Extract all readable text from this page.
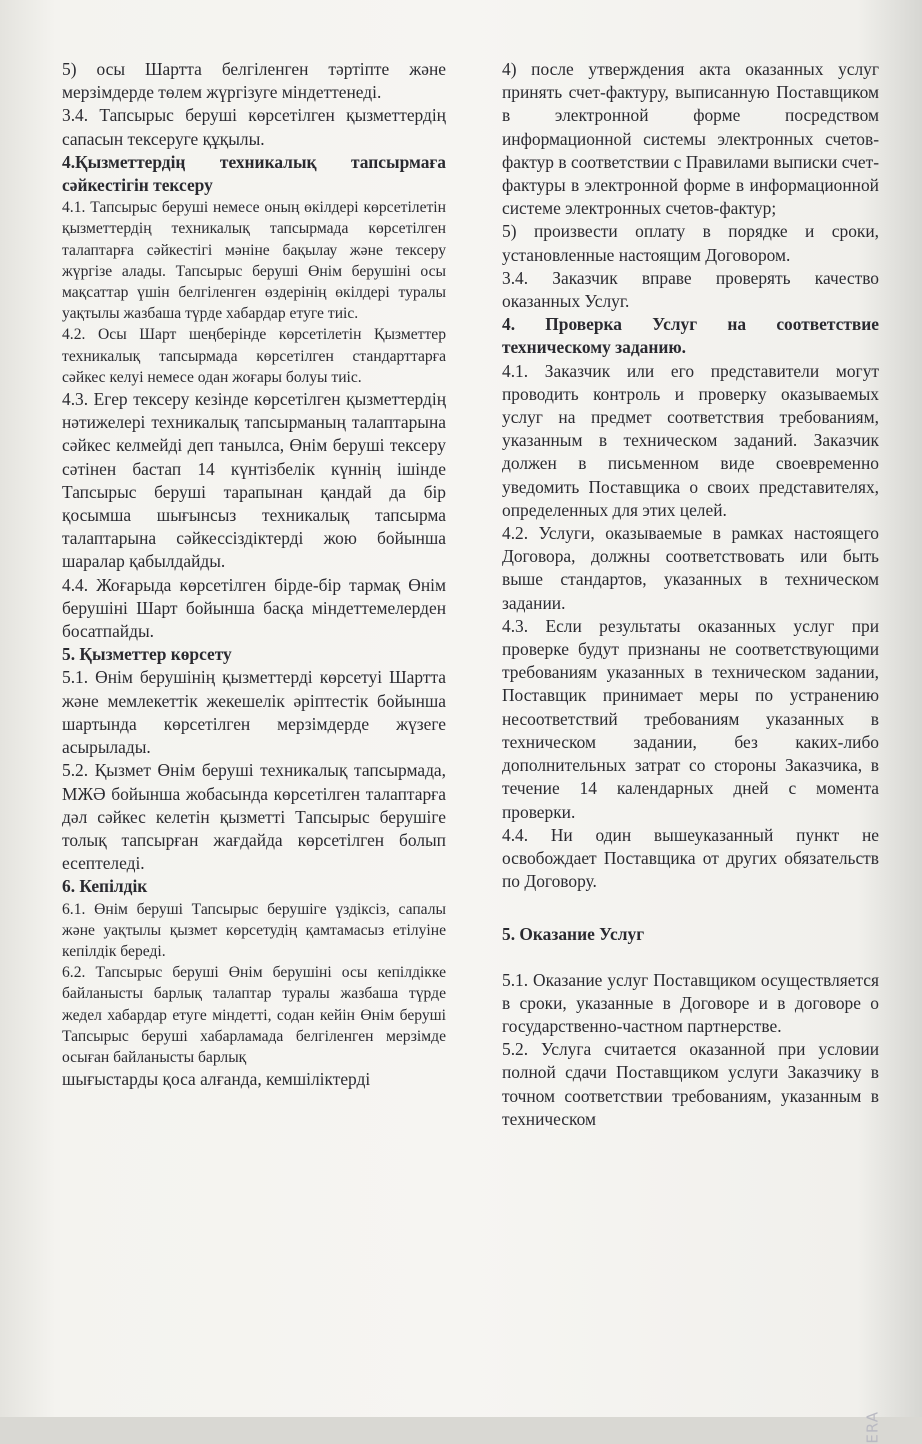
5) осы Шартта белгіленген тәртіпте және мерзімдерде төлем жүргізуге міндеттенеді.

3.4. Тапсырыс беруші көрсетілген қызметтердің сапасын тексеруге құқылы.

4.Қызметтердің техникалық тапсырмаға сәйкестігін тексеру

4.1. Тапсырыс беруші немесе оның өкілдері көрсетілетін қызметтердің техникалық тапсырмада көрсетілген талаптарға сәйкестігі мәніне бақылау және тексеру жүргізе алады. Тапсырыс беруші Өнім берушіні осы мақсаттар үшін белгіленген өздерінің өкілдері туралы уақтылы жазбаша түрде хабардар етуге тиіс.

4.2. Осы Шарт шеңберінде көрсетілетін Қызметтер техникалық тапсырмада көрсетілген стандарттарға сәйкес келуі немесе одан жоғары болуы тиіс.

4.3. Егер тексеру кезінде көрсетілген қызметтердің нәтижелері техникалық тапсырманың талаптарына сәйкес келмейді деп танылса, Өнім беруші тексеру сәтінен бастап 14 күнтізбелік күннің ішінде Тапсырыс беруші тарапынан қандай да бір қосымша шығынсыз техникалық тапсырма талаптарына сәйкессіздіктерді жою бойынша шаралар қабылдайды.

4.4. Жоғарыда көрсетілген бірде-бір тармақ Өнім берушіні Шарт бойынша басқа міндеттемелерден босатпайды.

5. Қызметтер көрсету

5.1. Өнім берушінің қызметтерді көрсетуі Шартта және мемлекеттік жекешелік әріптестік бойынша шартында көрсетілген мерзімдерде жүзеге асырылады.

5.2. Қызмет Өнім беруші техникалық тапсырмада, МЖӘ бойынша жобасында көрсетілген талаптарға дәл сәйкес келетін қызметті Тапсырыс берушіге толық тапсырған жағдайда көрсетілген болып есептеледі.

6. Кепілдік

6.1. Өнім беруші Тапсырыс берушіге үздіксіз, сапалы және уақтылы қызмет көрсетудің қамтамасыз етілуіне кепілдік береді.

6.2. Тапсырыс беруші Өнім берушіні осы кепілдікке байланысты барлық талаптар туралы жазбаша түрде жедел хабардар етуге міндетті, содан кейін Өнім беруші Тапсырыс беруші хабарламада белгіленген мерзімде осыған байланысты барлық

шығыстарды қоса алғанда, кемшіліктерді

4) после утверждения акта оказанных услуг принять счет-фактуру, выписанную Поставщиком в электронной форме посредством информационной системы электронных счетов-фактур в соответствии с Правилами выписки счет-фактуры в электронной форме в информационной системе электронных счетов-фактур;

5) произвести оплату в порядке и сроки, установленные настоящим Договором.

3.4. Заказчик вправе проверять качество оказанных Услуг.

4. Проверка Услуг на соответствие техническому заданию.

4.1. Заказчик или его представители могут проводить контроль и проверку оказываемых услуг на предмет соответствия требованиям, указанным в техническом заданий. Заказчик должен в письменном виде своевременно уведомить Поставщика о своих представителях, определенных для этих целей.

4.2. Услуги, оказываемые в рамках настоящего Договора, должны соответствовать или быть выше стандартов, указанных в техническом задании.

4.3. Если результаты оказанных услуг при проверке будут признаны не соответствующими требованиям указанных в техническом задании, Поставщик принимает меры по устранению несоответствий требованиям указанных в техническом задании, без каких-либо дополнительных затрат со стороны Заказчика, в течение 14 календарных дней с момента проверки.

4.4. Ни один вышеуказанный пункт не освобождает Поставщика от других обязательств по Договору.

5. Оказание Услуг

5.1. Оказание услуг Поставщиком осуществляется в сроки, указанные в Договоре и в договоре о государственно-частном партнерстве.

5.2. Услуга считается оказанной при условии полной сдачи Поставщиком услуги Заказчику в точном соответствии требованиям, указанным в техническом

ERA
